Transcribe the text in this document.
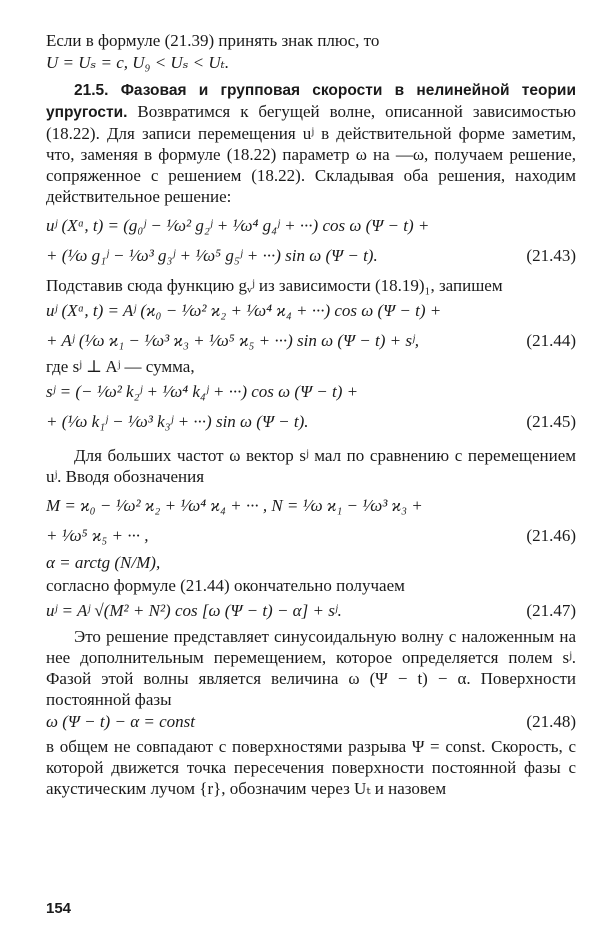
Если в формуле (21.39) принять знак плюс, то

U = Uₛ = c, U₉ < Uₛ < Uₜ.

21.5. Фазовая и групповая скорости в нелинейной теории упругости. Возвратимся к бегущей волне, описанной зависимостью (18.22). Для записи перемещения uʲ в действительной форме заметим, что, заменяя в формуле (18.22) параметр ω на —ω, получаем решение, сопряженное с решением (18.22). Складывая оба решения, находим действительное решение:

uʲ (Xᵅ, t) = (g₀ʲ − ¹⁄ω² g₂ʲ + ¹⁄ω⁴ g₄ʲ + ···) cos ω (Ψ − t) +
+ (¹⁄ω g₁ʲ − ¹⁄ω³ g₃ʲ + ¹⁄ω⁵ g₅ʲ + ···) sin ω (Ψ − t).	(21.43)

Подставив сюда функцию gᵥʲ из зависимости (18.19)₁, запишем

uʲ (Xᵅ, t) = Aʲ (ϰ₀ − ¹⁄ω² ϰ₂ + ¹⁄ω⁴ ϰ₄ + ···) cos ω (Ψ − t) +
+ Aʲ (¹⁄ω ϰ₁ − ¹⁄ω³ ϰ₃ + ¹⁄ω⁵ ϰ₅ + ···) sin ω (Ψ − t) + sʲ,	(21.44)

где sʲ ⊥ Aʲ — сумма,

sʲ = (− ¹⁄ω² k₂ʲ + ¹⁄ω⁴ k₄ʲ + ···) cos ω (Ψ − t) +
+ (¹⁄ω k₁ʲ − ¹⁄ω³ k₃ʲ + ···) sin ω (Ψ − t).	(21.45)

Для больших частот ω вектор sʲ мал по сравнению с перемещением uʲ. Вводя обозначения

M = ϰ₀ − ¹⁄ω² ϰ₂ + ¹⁄ω⁴ ϰ₄ + ··· , N = ¹⁄ω ϰ₁ − ¹⁄ω³ ϰ₃ +
+ ¹⁄ω⁵ ϰ₅ + ··· ,	(21.46)
α = arctg (N/M),

согласно формуле (21.44) окончательно получаем

uʲ = Aʲ √(M² + N²) cos [ω (Ψ − t) − α] + sʲ.	(21.47)

Это решение представляет синусоидальную волну с наложенным на нее дополнительным перемещением, которое определяется полем sʲ. Фазой этой волны является величина ω (Ψ − t) − α. Поверхности постоянной фазы

ω (Ψ − t) − α = const	(21.48)

в общем не совпадают с поверхностями разрыва Ψ = const. Скорость, с которой движется точка пересечения поверхности постоянной фазы с акустическим лучом {r}, обозначим через Uₜ и назовем

154
